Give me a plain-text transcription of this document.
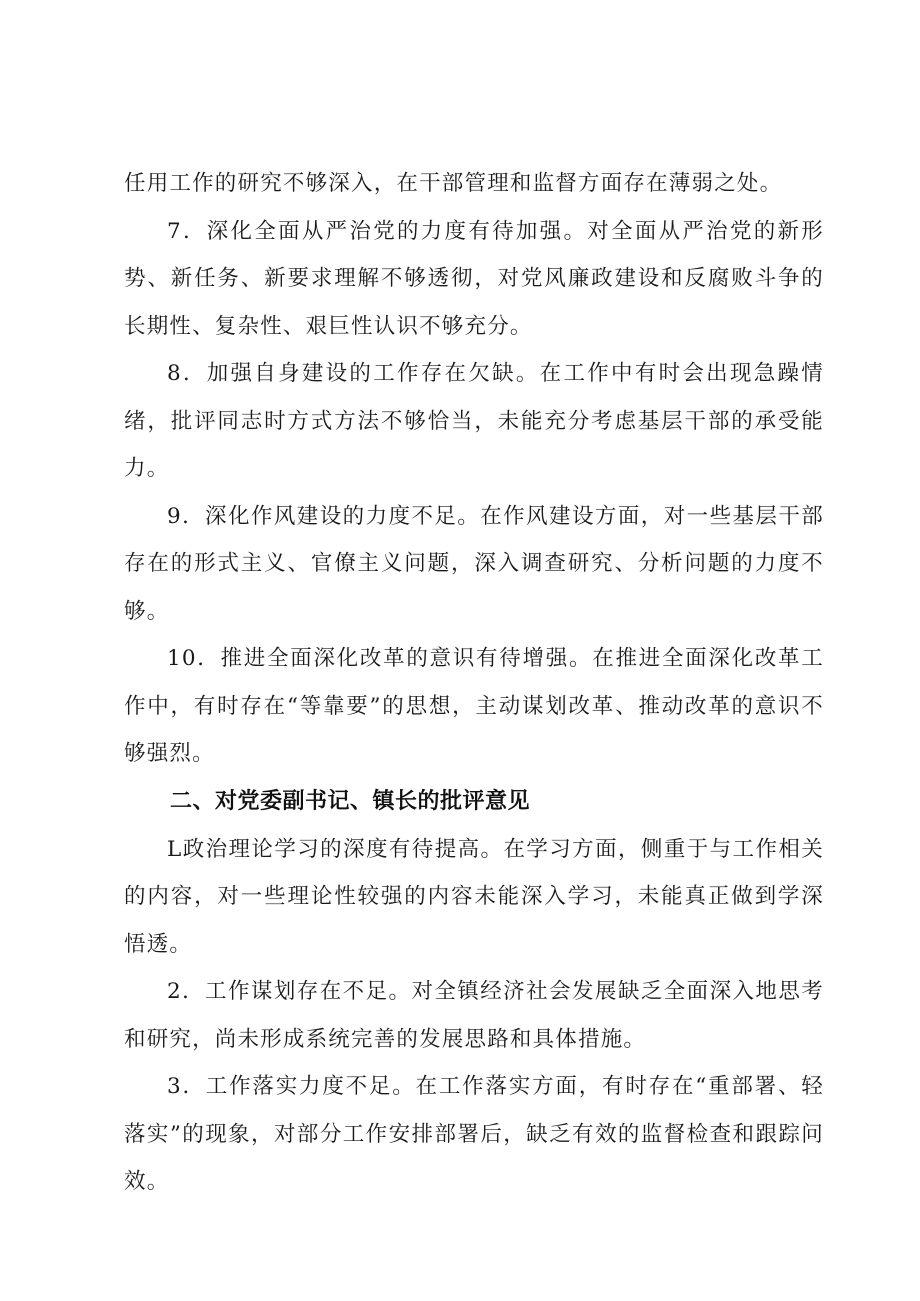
任用工作的研究不够深入，在干部管理和监督方面存在薄弱之处。

7．深化全面从严治党的力度有待加强。对全面从严治党的新形势、新任务、新要求理解不够透彻，对党风廉政建设和反腐败斗争的长期性、复杂性、艰巨性认识不够充分。

8．加强自身建设的工作存在欠缺。在工作中有时会出现急躁情绪，批评同志时方式方法不够恰当，未能充分考虑基层干部的承受能力。

9．深化作风建设的力度不足。在作风建设方面，对一些基层干部存在的形式主义、官僚主义问题，深入调查研究、分析问题的力度不够。

10．推进全面深化改革的意识有待增强。在推进全面深化改革工作中，有时存在“等靠要”的思想，主动谋划改革、推动改革的意识不够强烈。

二、对党委副书记、镇长的批评意见

L政治理论学习的深度有待提高。在学习方面，侧重于与工作相关的内容，对一些理论性较强的内容未能深入学习，未能真正做到学深悟透。

2．工作谋划存在不足。对全镇经济社会发展缺乏全面深入地思考和研究，尚未形成系统完善的发展思路和具体措施。

3．工作落实力度不足。在工作落实方面，有时存在“重部署、轻落实”的现象，对部分工作安排部署后，缺乏有效的监督检查和跟踪问效。
